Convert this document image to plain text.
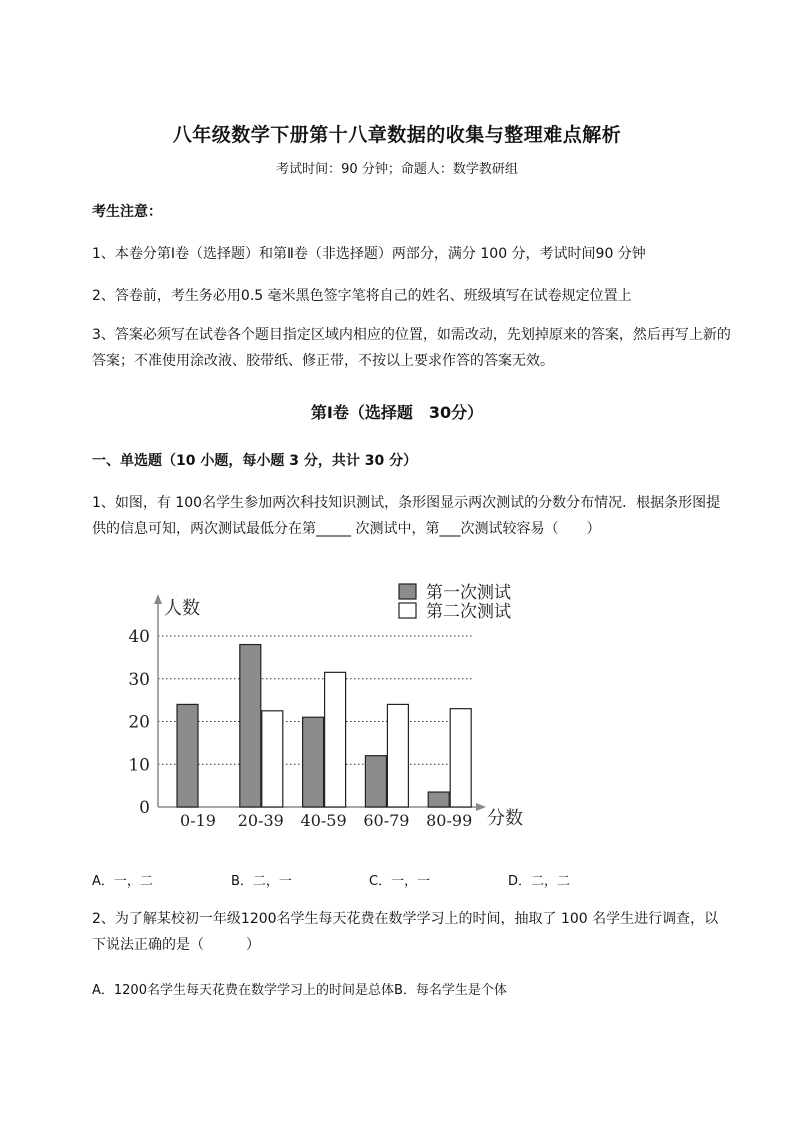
八年级数学下册第十八章数据的收集与整理难点解析
考试时间：90 分钟；命题人：数学教研组
考生注意：
1、本卷分第Ⅰ卷（选择题）和第Ⅱ卷（非选择题）两部分，满分 100 分，考试时间90 分钟
2、答卷前，考生务必用0.5 毫米黑色签字笔将自己的姓名、班级填写在试卷规定位置上
3、答案必须写在试卷各个题目指定区域内相应的位置，如需改动，先划掉原来的答案，然后再写上新的答案；不准使用涂改液、胶带纸、修正带，不按以上要求作答的答案无效。
第Ⅰ卷（选择题　30分）
一、单选题（10 小题，每小题 3 分，共计 30 分）
1、如图，有 100名学生参加两次科技知识测试，条形图显示两次测试的分数分布情况．根据条形图提供的信息可知，两次测试最低分在第_____ 次测试中，第___次测试较容易（　　）
0
10
20
30
40
人数
分数
0-19 20-39 40-59 60-79 80-99
第一次测试
第二次测试
A．一，二	B．二，一	C．一，一	D．二，二
2、为了解某校初一年级1200名学生每天花费在数学学习上的时间，抽取了 100 名学生进行调查，以下说法正确的是（　　　）
A．1200名学生每天花费在数学学习上的时间是总体B．每名学生是个体
